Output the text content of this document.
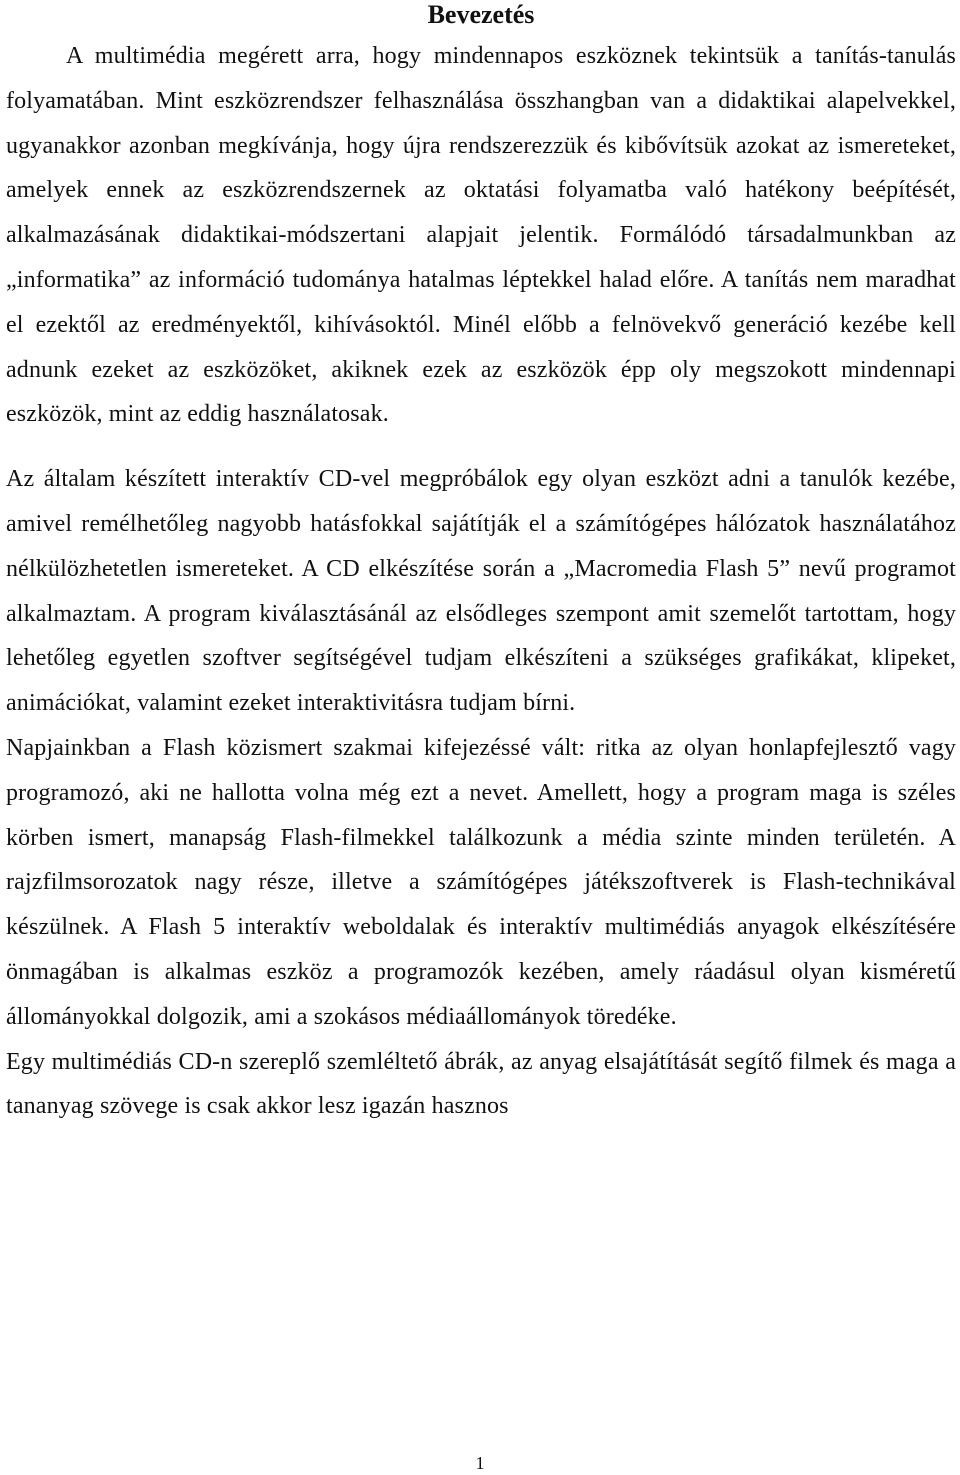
Bevezetés

A multimédia megérett arra, hogy mindennapos eszköznek tekintsük a tanítás-tanulás folyamatában. Mint eszközrendszer felhasználása összhangban van a didaktikai alapelvekkel, ugyanakkor azonban megkívánja, hogy újra rendszerezzük és kibővítsük azokat az ismereteket, amelyek ennek az eszközrendszernek az oktatási folyamatba való hatékony beépítését, alkalmazásának didaktikai-módszertani alapjait jelentik. Formálódó társadalmunkban az „informatika” az információ tudománya hatalmas léptekkel halad előre. A tanítás nem maradhat el ezektől az eredményektől, kihívásoktól. Minél előbb a felnövekvő generáció kezébe kell adnunk ezeket az eszközöket, akiknek ezek az eszközök épp oly megszokott mindennapi eszközök, mint az eddig használatosak.

Az általam készített interaktív CD-vel megpróbálok egy olyan eszközt adni a tanulók kezébe, amivel remélhetőleg nagyobb hatásfokkal sajátítják el a számítógépes hálózatok használatához nélkülözhetetlen ismereteket. A CD elkészítése során a „Macromedia Flash 5” nevű programot alkalmaztam. A program kiválasztásánál az elsődleges szempont amit szemelőt tartottam, hogy lehetőleg egyetlen szoftver segítségével tudjam elkészíteni a szükséges grafikákat, klipeket, animációkat, valamint ezeket interaktivitásra tudjam bírni.

Napjainkban a Flash közismert szakmai kifejezéssé vált: ritka az olyan honlapfejlesztő vagy programozó, aki ne hallotta volna még ezt a nevet. Amellett, hogy a program maga is széles körben ismert, manapság Flash-filmekkel találkozunk a média szinte minden területén. A rajzfilmsorozatok nagy része, illetve a számítógépes játékszoftverek is Flash-technikával készülnek. A Flash 5 interaktív weboldalak és interaktív multimédiás anyagok elkészítésére önmagában is alkalmas eszköz a programozók kezében, amely ráadásul olyan kisméretű állományokkal dolgozik, ami a szokásos médiaállományok töredéke.

Egy multimédiás CD-n szereplő szemléltető ábrák, az anyag elsajátítását segítő filmek és maga a tananyag szövege is csak akkor lesz igazán hasznos

1
